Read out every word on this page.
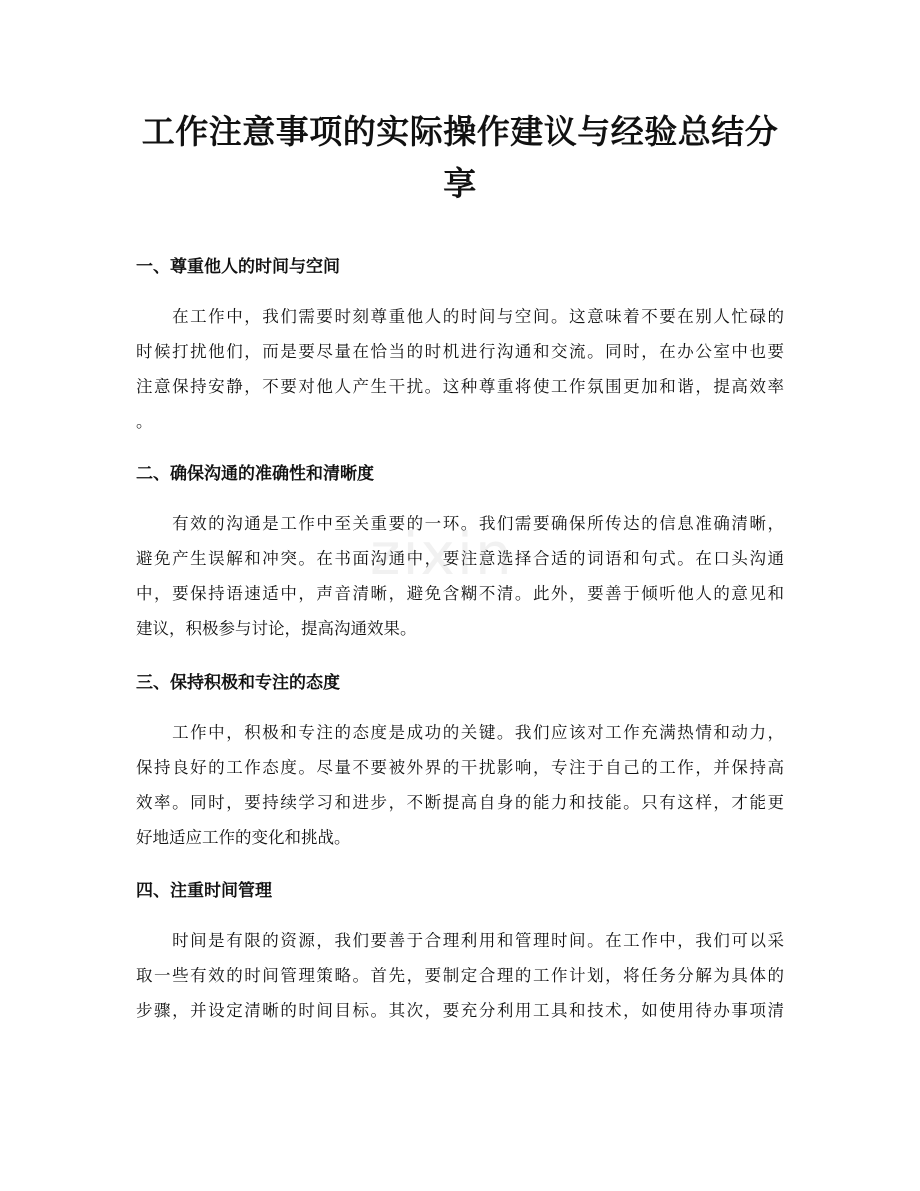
工作注意事项的实际操作建议与经验总结分
享
一、尊重他人的时间与空间

　　在工作中，我们需要时刻尊重他人的时间与空间。这意味着不要在别人忙碌的
时候打扰他们，而是要尽量在恰当的时机进行沟通和交流。同时，在办公室中也要
注意保持安静，不要对他人产生干扰。这种尊重将使工作氛围更加和谐，提高效率
。

二、确保沟通的准确性和清晰度

　　有效的沟通是工作中至关重要的一环。我们需要确保所传达的信息准确清晰，
避免产生误解和冲突。在书面沟通中，要注意选择合适的词语和句式。在口头沟通
中，要保持语速适中，声音清晰，避免含糊不清。此外，要善于倾听他人的意见和
建议，积极参与讨论，提高沟通效果。

三、保持积极和专注的态度

　　工作中，积极和专注的态度是成功的关键。我们应该对工作充满热情和动力，
保持良好的工作态度。尽量不要被外界的干扰影响，专注于自己的工作，并保持高
效率。同时，要持续学习和进步，不断提高自身的能力和技能。只有这样，才能更
好地适应工作的变化和挑战。

四、注重时间管理

　　时间是有限的资源，我们要善于合理利用和管理时间。在工作中，我们可以采
取一些有效的时间管理策略。首先，要制定合理的工作计划，将任务分解为具体的
步骤，并设定清晰的时间目标。其次，要充分利用工具和技术，如使用待办事项清

zixin
